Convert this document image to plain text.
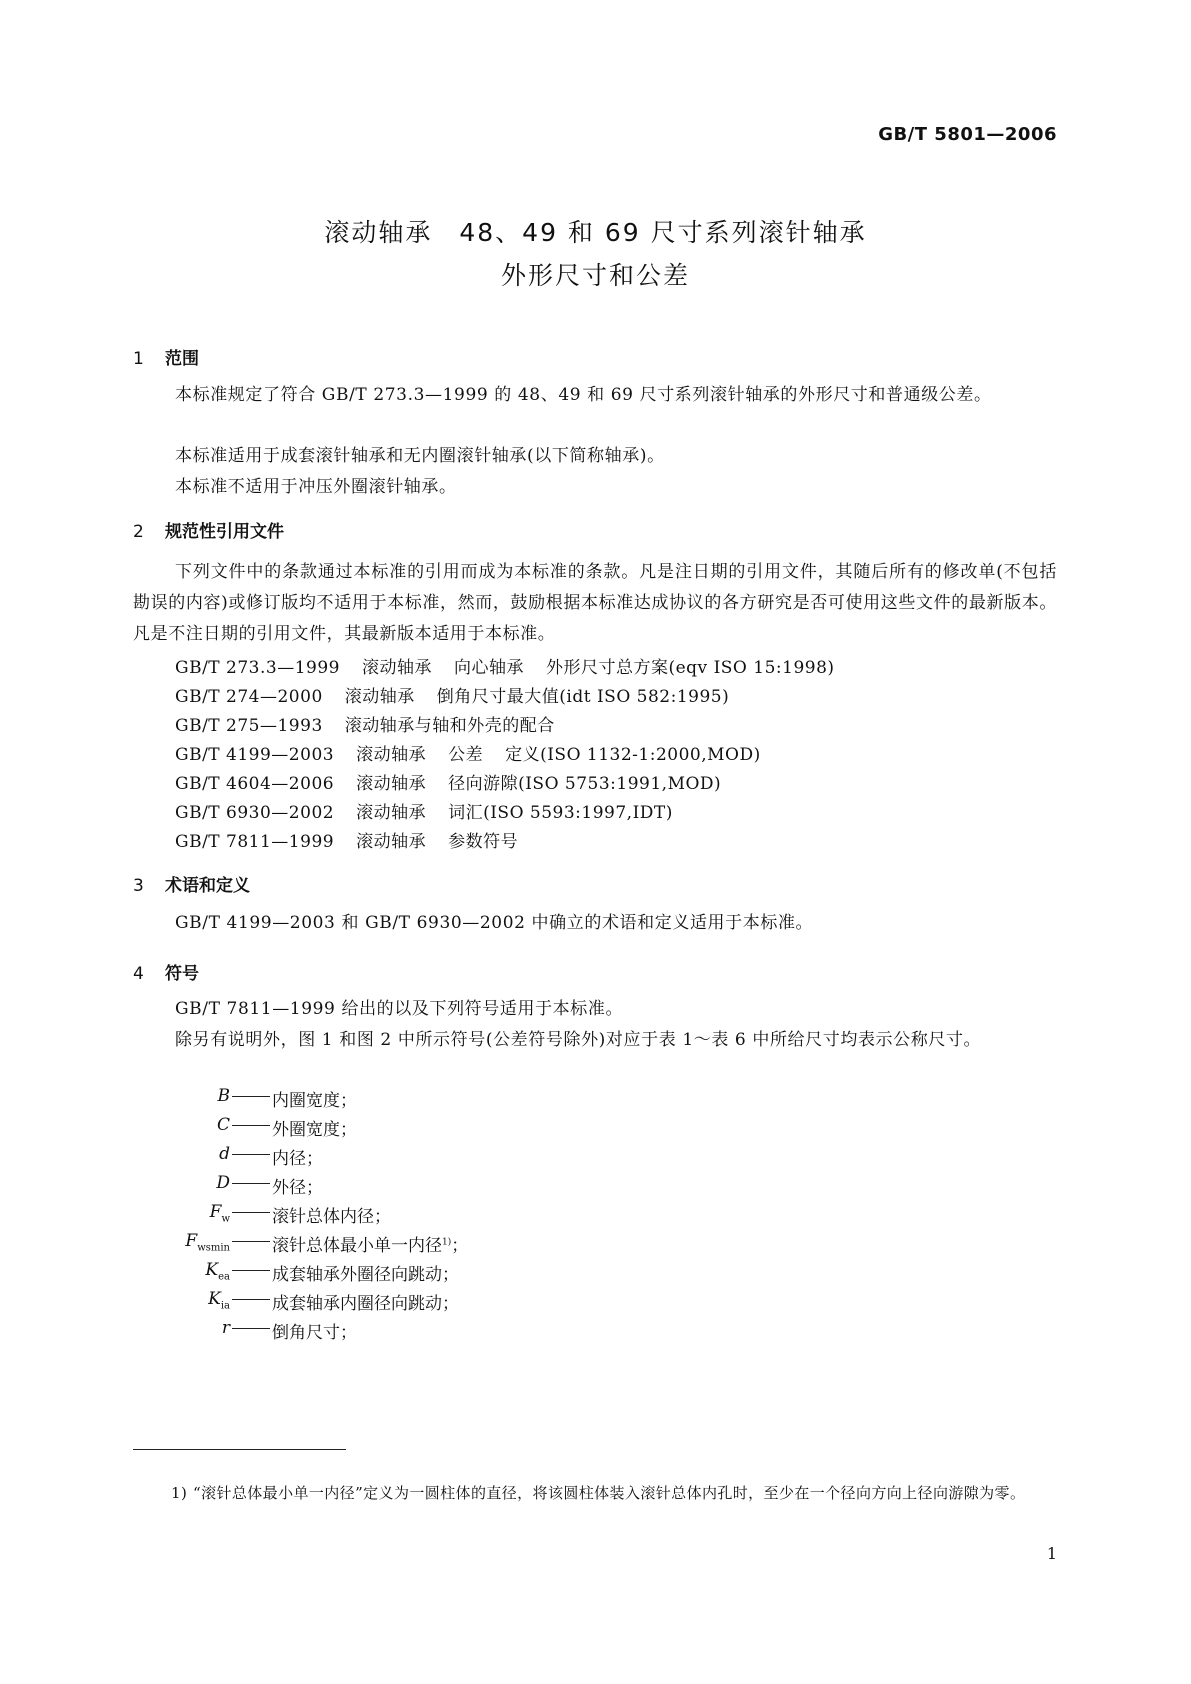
GB/T 5801—2006
滚动轴承　48、49 和 69 尺寸系列滚针轴承
外形尺寸和公差
1 范围
本标准规定了符合 GB/T 273.3—1999 的 48、49 和 69 尺寸系列滚针轴承的外形尺寸和普通级公差。
本标准适用于成套滚针轴承和无内圈滚针轴承(以下简称轴承)。
本标准不适用于冲压外圈滚针轴承。
2 规范性引用文件
下列文件中的条款通过本标准的引用而成为本标准的条款。凡是注日期的引用文件，其随后所有的修改单(不包括勘误的内容)或修订版均不适用于本标准，然而，鼓励根据本标准达成协议的各方研究是否可使用这些文件的最新版本。凡是不注日期的引用文件，其最新版本适用于本标准。
GB/T 273.3—1999 滚动轴承 向心轴承 外形尺寸总方案(eqv ISO 15:1998)
GB/T 274—2000 滚动轴承 倒角尺寸最大值(idt ISO 582:1995)
GB/T 275—1993 滚动轴承与轴和外壳的配合
GB/T 4199—2003 滚动轴承 公差 定义(ISO 1132-1:2000,MOD)
GB/T 4604—2006 滚动轴承 径向游隙(ISO 5753:1991,MOD)
GB/T 6930—2002 滚动轴承 词汇(ISO 5593:1997,IDT)
GB/T 7811—1999 滚动轴承 参数符号
3 术语和定义
GB/T 4199—2003 和 GB/T 6930—2002 中确立的术语和定义适用于本标准。
4 符号
GB/T 7811—1999 给出的以及下列符号适用于本标准。
除另有说明外，图 1 和图 2 中所示符号(公差符号除外)对应于表 1～表 6 中所给尺寸均表示公称尺寸。
B 内圈宽度；
C 外圈宽度；
d 内径；
D 外径；
$F_w$ 滚针总体内径；
$F_{wsmin}$ 滚针总体最小单一内径$^{1)}$；
$K_{ea}$ 成套轴承外圈径向跳动；
$K_{ia}$ 成套轴承内圈径向跳动；
r 倒角尺寸；
1) “滚针总体最小单一内径”定义为一圆柱体的直径，将该圆柱体装入滚针总体内孔时，至少在一个径向方向上径向游隙为零。
1
